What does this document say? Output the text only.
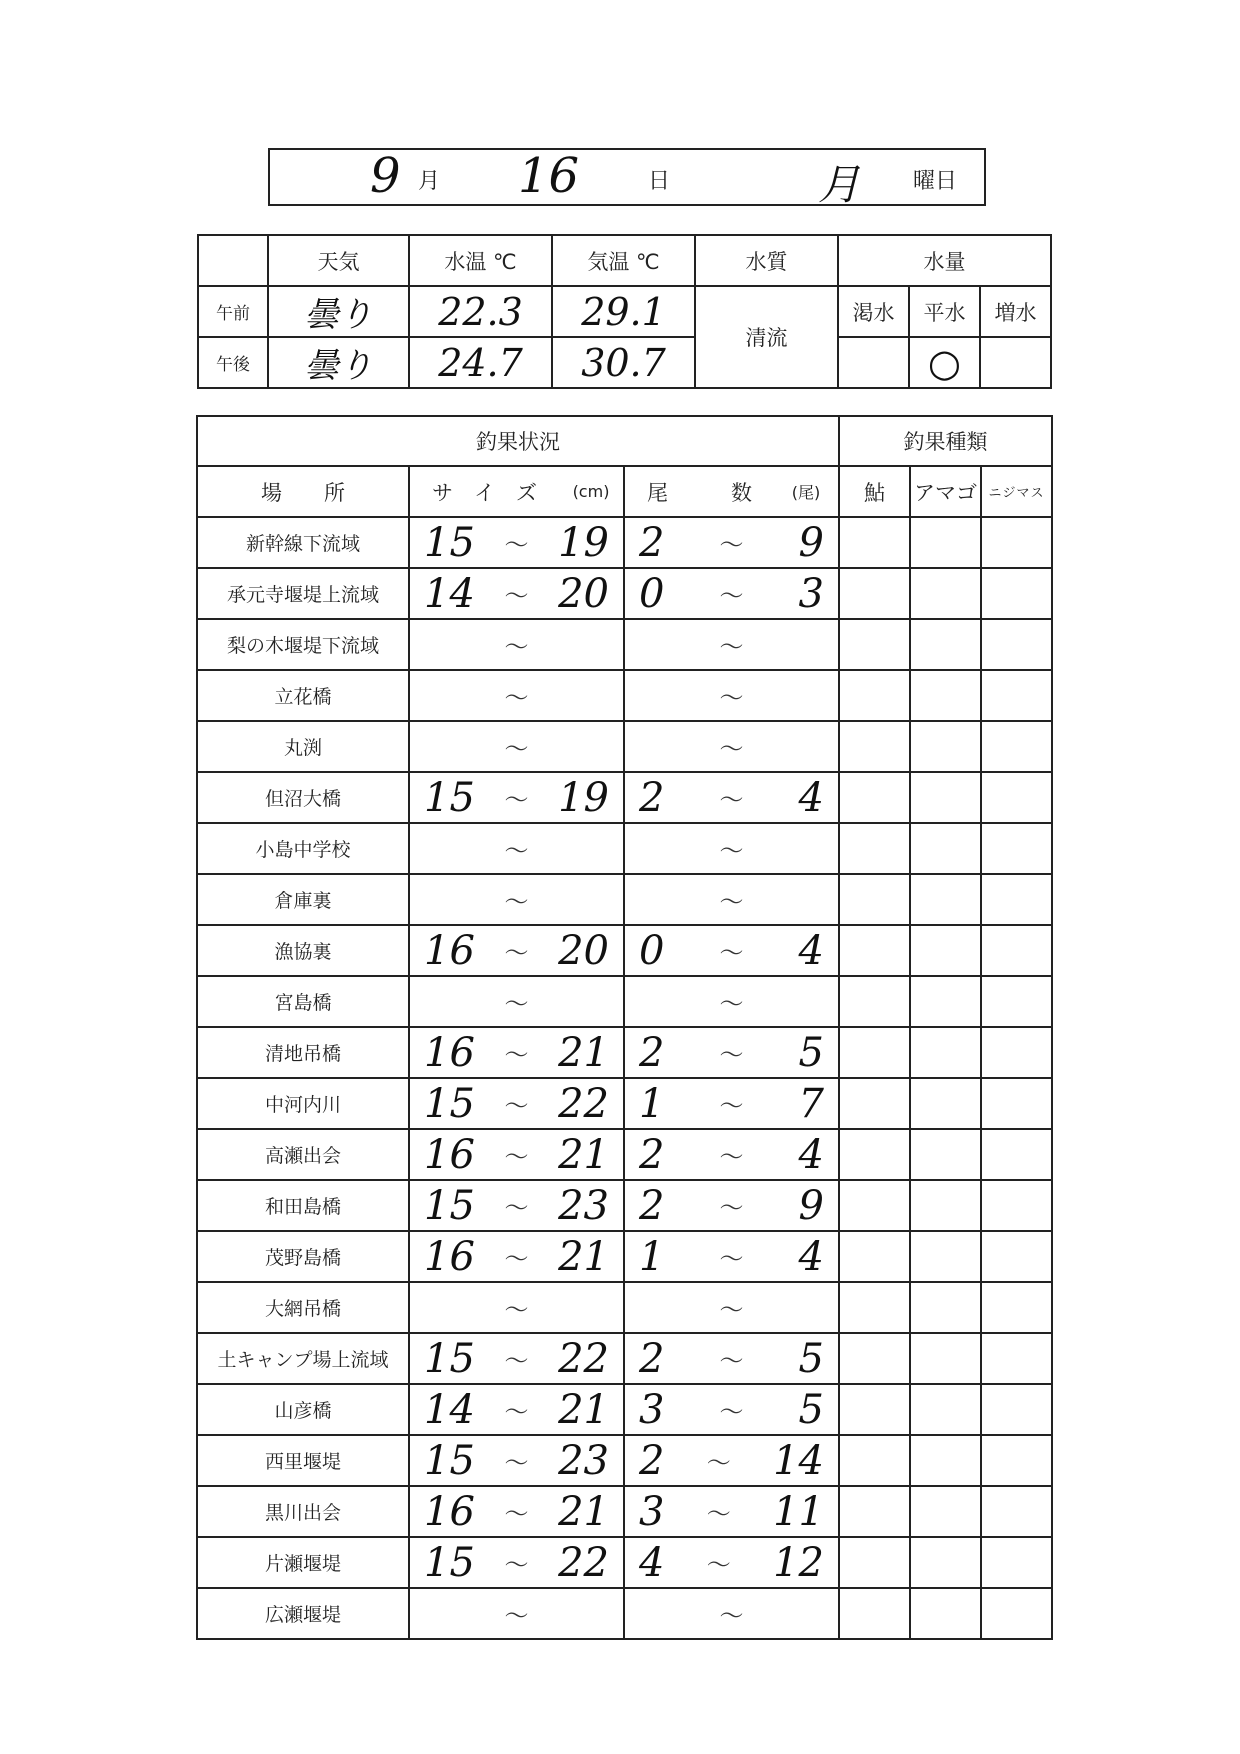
9 月 16	日	月 曜日
	天気	水温 ℃	気温 ℃	水質	水量		
午前	曇り	22.3	29.1	清流	渇水	平水	増水
午後	曇り	24.7	30.7			○	
釣果状況					釣果種類		
場　　所	サ　イ　ズ	(cm)	尾　　　数	(尾)	鮎	アマゴ	ニジマス
新幹線下流域	15 ～ 19		2 ～ 9				

承元寺堰堤上流域	14 ～ 20		0 ～ 3				

梨の木堰堤下流域	～		～				

立花橋	～		～				

丸渕	～		～				

但沼大橋	15 ～ 19		2 ～ 4				

小島中学校	～		～				

倉庫裏	～		～				

漁協裏	16 ～ 20		0 ～ 4				

宮島橋	～		～				

清地吊橋	16 ～ 21		2 ～ 5				

中河内川	15 ～ 22		1 ～ 7				

高瀬出会	16 ～ 21		2 ～ 4				

和田島橋	15 ～ 23		2 ～ 9				

茂野島橋	16 ～ 21		1 ～ 4				

大網吊橋	～		～				

土キャンプ場上流域	15 ～ 22		2 ～ 5				

山彦橋	14 ～ 21		3 ～ 5				

西里堰堤	15 ～ 23		2 ～ 14				

黒川出会	16 ～ 21		3 ～ 11				

片瀬堰堤	15 ～ 22		4 ～ 12				

広瀬堰堤	～		～				
